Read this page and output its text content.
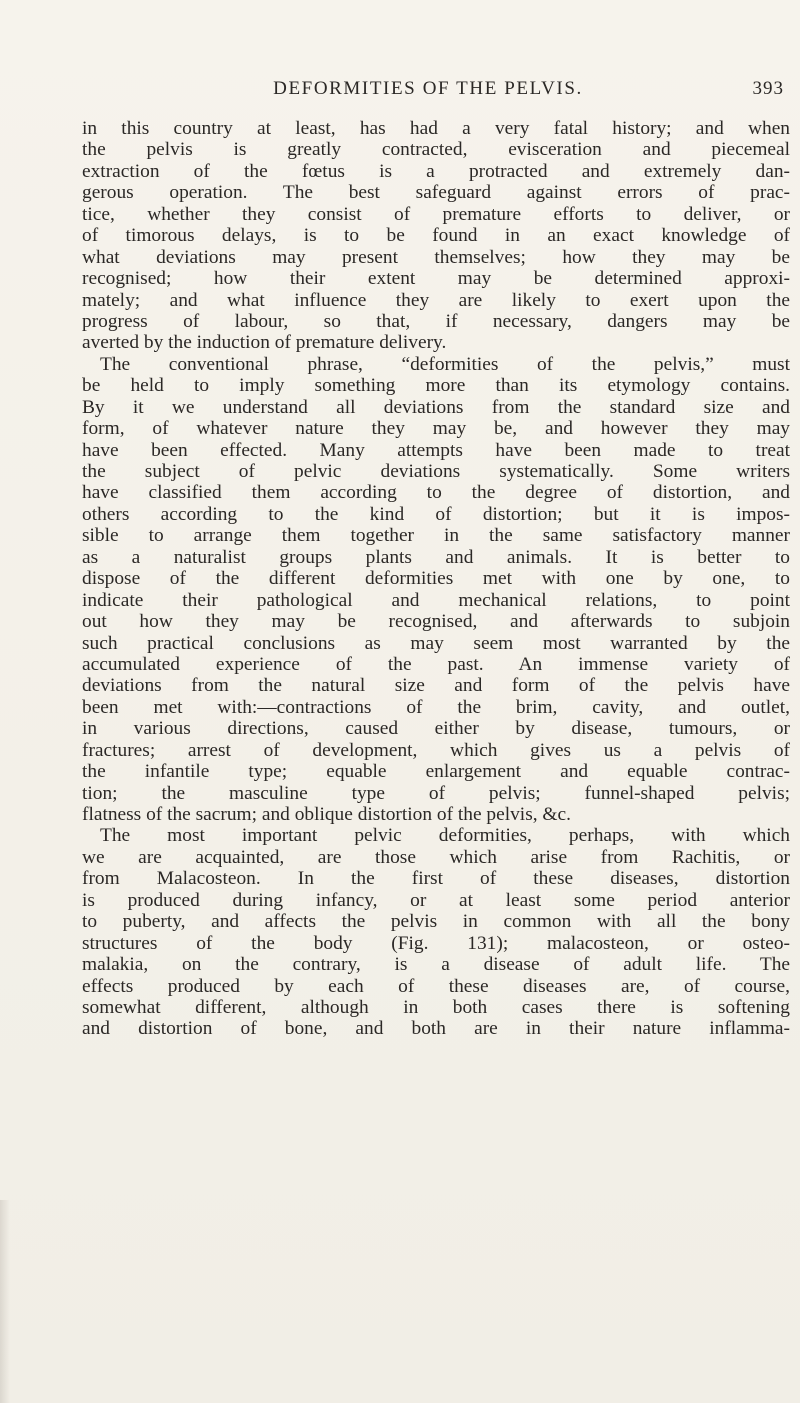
DEFORMITIES OF THE PELVIS.	393
in this country at least, has had a very fatal history; and when
the pelvis is greatly contracted, evisceration and piecemeal
extraction of the fœtus is a protracted and extremely dan-
gerous operation. The best safeguard against errors of prac-
tice, whether they consist of premature efforts to deliver, or
of timorous delays, is to be found in an exact knowledge of
what deviations may present themselves; how they may be
recognised; how their extent may be determined approxi-
mately; and what influence they are likely to exert upon the
progress of labour, so that, if necessary, dangers may be
averted by the induction of premature delivery.
The conventional phrase, “deformities of the pelvis,” must
be held to imply something more than its etymology contains.
By it we understand all deviations from the standard size and
form, of whatever nature they may be, and however they may
have been effected. Many attempts have been made to treat
the subject of pelvic deviations systematically. Some writers
have classified them according to the degree of distortion, and
others according to the kind of distortion; but it is impos-
sible to arrange them together in the same satisfactory manner
as a naturalist groups plants and animals. It is better to
dispose of the different deformities met with one by one, to
indicate their pathological and mechanical relations, to point
out how they may be recognised, and afterwards to subjoin
such practical conclusions as may seem most warranted by the
accumulated experience of the past. An immense variety of
deviations from the natural size and form of the pelvis have
been met with:—contractions of the brim, cavity, and outlet,
in various directions, caused either by disease, tumours, or
fractures; arrest of development, which gives us a pelvis of
the infantile type; equable enlargement and equable contrac-
tion; the masculine type of pelvis; funnel-shaped pelvis;
flatness of the sacrum; and oblique distortion of the pelvis, &c.
The most important pelvic deformities, perhaps, with which
we are acquainted, are those which arise from Rachitis, or
from Malacosteon. In the first of these diseases, distortion
is produced during infancy, or at least some period anterior
to puberty, and affects the pelvis in common with all the bony
structures of the body (Fig. 131); malacosteon, or osteo-
malakia, on the contrary, is a disease of adult life. The
effects produced by each of these diseases are, of course,
somewhat different, although in both cases there is softening
and distortion of bone, and both are in their nature inflamma-
